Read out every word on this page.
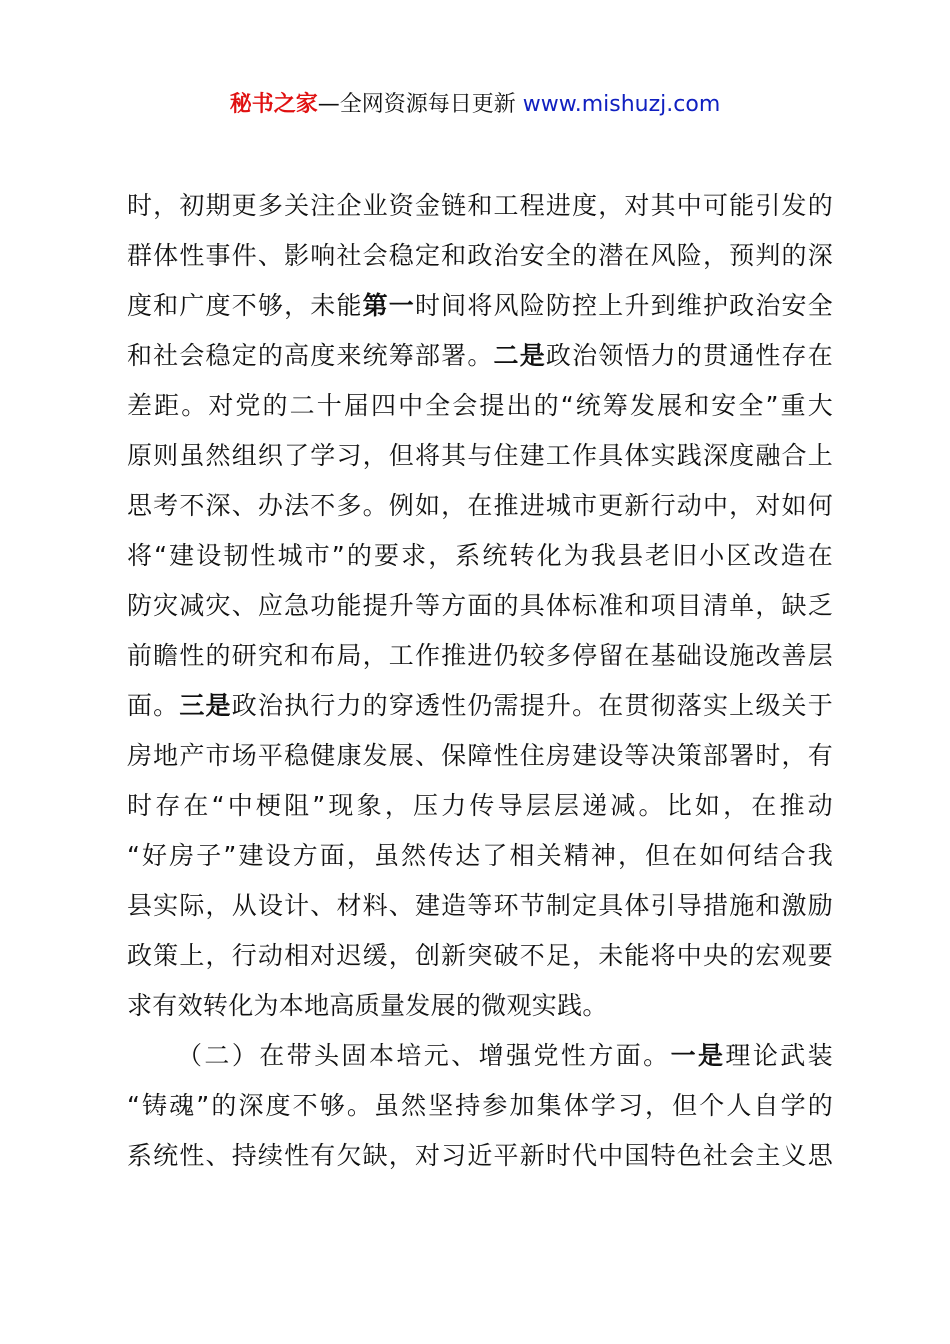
秘书之家—全网资源每日更新 www.mishuzj.com
时，初期更多关注企业资金链和工程进度，对其中可能引发的
群体性事件、影响社会稳定和政治安全的潜在风险，预判的深
度和广度不够，未能第一时间将风险防控上升到维护政治安全
和社会稳定的高度来统筹部署。二是政治领悟力的贯通性存在
差距。对党的二十届四中全会提出的“统筹发展和安全”重大
原则虽然组织了学习，但将其与住建工作具体实践深度融合上
思考不深、办法不多。例如，在推进城市更新行动中，对如何
将“建设韧性城市”的要求，系统转化为我县老旧小区改造在
防灾减灾、应急功能提升等方面的具体标准和项目清单，缺乏
前瞻性的研究和布局，工作推进仍较多停留在基础设施改善层
面。三是政治执行力的穿透性仍需提升。在贯彻落实上级关于
房地产市场平稳健康发展、保障性住房建设等决策部署时，有
时存在“中梗阻”现象，压力传导层层递减。比如，在推动
“好房子”建设方面，虽然传达了相关精神，但在如何结合我
县实际，从设计、材料、建造等环节制定具体引导措施和激励
政策上，行动相对迟缓，创新突破不足，未能将中央的宏观要
求有效转化为本地高质量发展的微观实践。
（二）在带头固本培元、增强党性方面。一是理论武装
“铸魂”的深度不够。虽然坚持参加集体学习，但个人自学的
系统性、持续性有欠缺，对习近平新时代中国特色社会主义思
